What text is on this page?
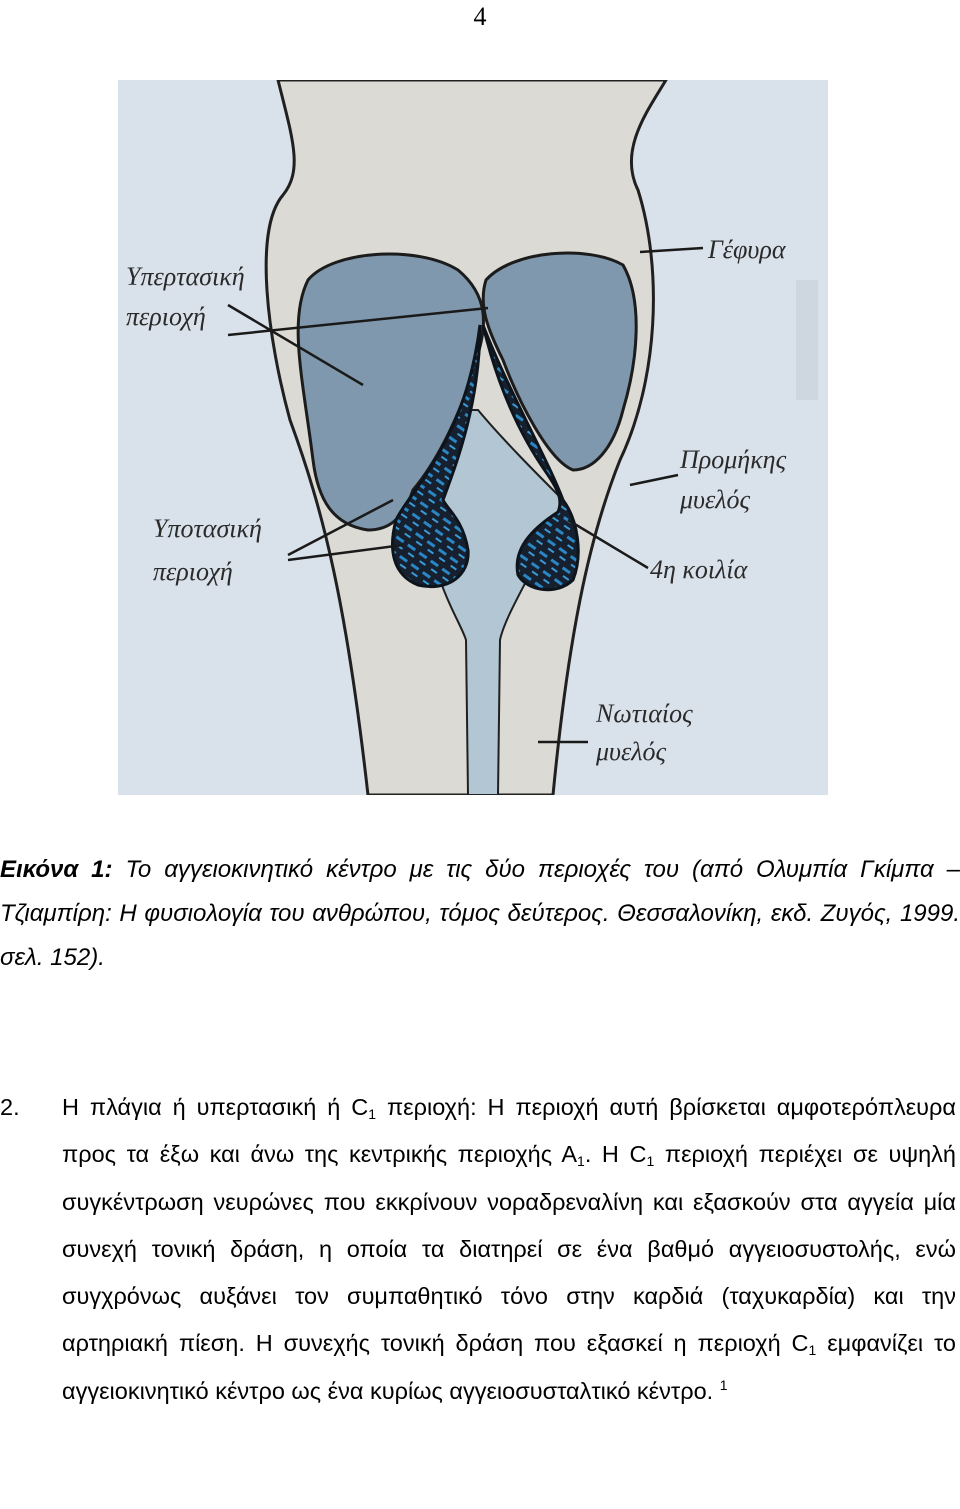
4
Υπερτασική
περιοχή
Γέφυρα
Προμήκης
μυελός
Υποτασική
περιοχή	4η κοιλία
Νωτιαίος
μυελός
Εικόνα 1: Το αγγειοκινητικό κέντρο με τις δύο περιοχές του (από Ολυμπία Γκίμπα – Τζιαμπίρη: Η φυσιολογία του ανθρώπου, τόμος δεύτερος. Θεσσαλονίκη, εκδ. Ζυγός, 1999. σελ. 152).
2. Η πλάγια ή υπερτασική ή $C_1$ περιοχή: Η περιοχή αυτή βρίσκεται αμφοτερόπλευρα προς τα έξω και άνω της κεντρικής περιοχής $A_1$. Η $C_1$ περιοχή περιέχει σε υψηλή συγκέντρωση νευρώνες που εκκρίνουν νοραδρεναλίνη και εξασκούν στα αγγεία μία συνεχή τονική δράση, η οποία τα διατηρεί σε ένα βαθμό αγγειοσυστολής, ενώ συγχρόνως αυξάνει τον συμπαθητικό τόνο στην καρδιά (ταχυκαρδία) και την αρτηριακή πίεση. Η συνεχής τονική δράση που εξασκεί η περιοχή $C_1$ εμφανίζει το αγγειοκινητικό κέντρο ως ένα κυρίως αγγειοσυσταλτικό κέντρο. $^1$
